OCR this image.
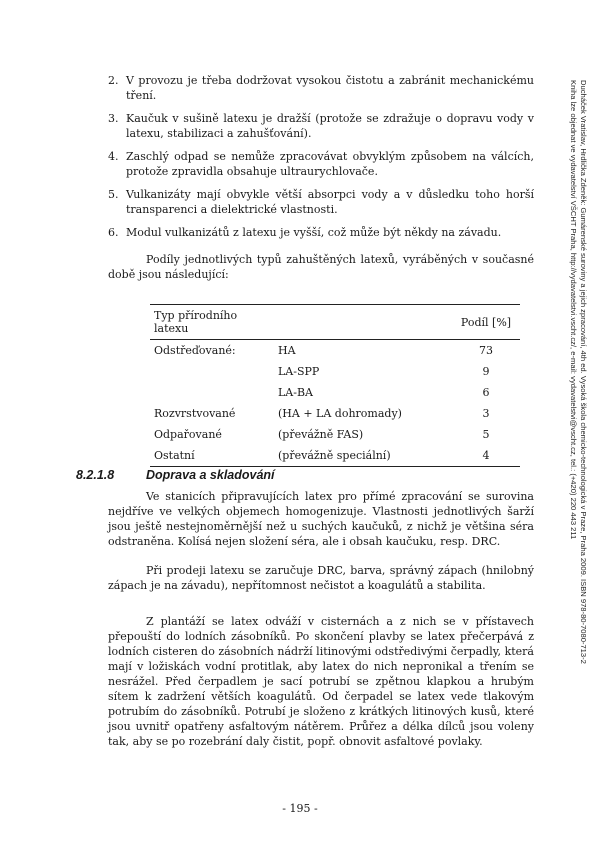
2. V provozu je třeba dodržovat vysokou čistotu a zabránit mechanickému tření.
3. Kaučuk v sušině latexu je dražší (protože se zdražuje o dopravu vody v latexu, stabilizaci a zahušťování).
4. Zaschlý odpad se nemůže zpracovávat obvyklým způsobem na válcích, protože zpravidla obsahuje ultraurychlovače.
5. Vulkanizáty mají obvykle větší absorpci vody a v důsledku toho horší transparenci a dielektrické vlastnosti.
6. Modul vulkanizátů z latexu je vyšší, což může být někdy na závadu.

Podíly jednotlivých typů zahuštěných latexů, vyráběných v současné době jsou následující:

Typ přírodního latexu		Podíl [%]
Odstřeďované:	HA	73
	LA-SPP	9
	LA-BA	6
Rozvrstvované	(HA + LA dohromady)	3
Odpařované	(převážně FAS)	5
Ostatní	(převážně speciální)	4
8.2.1.8	Doprava a skladování

Ve stanicích připravujících latex pro přímé zpracování se surovina nejdříve ve velkých objemech homogenizuje. Vlastnosti jednotlivých šarží jsou ještě nestejnoměrnější než u suchých kaučuků, z nichž je většina séra odstraněna. Kolísá nejen složení séra, ale i obsah kaučuku, resp. DRC.

Při prodeji latexu se zaručuje DRC, barva, správný zápach (hnilobný zápach je na závadu), nepřítomnost nečistot a koagulátů a stabilita.

Z plantáží se latex odváží v cisternách a z nich se v přístavech přepouští do lodních zásobníků. Po skončení plavby se latex přečerpává z lodních cisteren do zásobních nádrží litinovými odstředivými čerpadly, která mají v ložiskách vodní protitlak, aby latex do nich nepronikal a třením se nesrážel. Před čerpadlem je sací potrubí se zpětnou klapkou a hrubým sítem k zadržení větších koagulátů. Od čerpadel se latex vede tlakovým potrubím do zásobníků. Potrubí je složeno z krátkých litinových kusů, které jsou uvnitř opatřeny asfaltovým nátěrem. Průřez a délka dílců jsou voleny tak, aby se po rozebrání daly čistit, popř. obnovit asfaltové povlaky.

Ducháček Vratislav, Hrdlička Zdeněk: Gumárenské suroviny a jejich zpracování, 4th ed. Vysoká škola chemicko-technologická v Praze, Praha 2009. ISBN 978-80-7080-713-2
Kniha lze objednat ve vydavatelství VŠCHT Praha, http://vydavatelstvi.vscht.cz/, e-mail: vydavatelstvi@vscht.cz, tel.: (+420) 220 443 211
- 195 -
